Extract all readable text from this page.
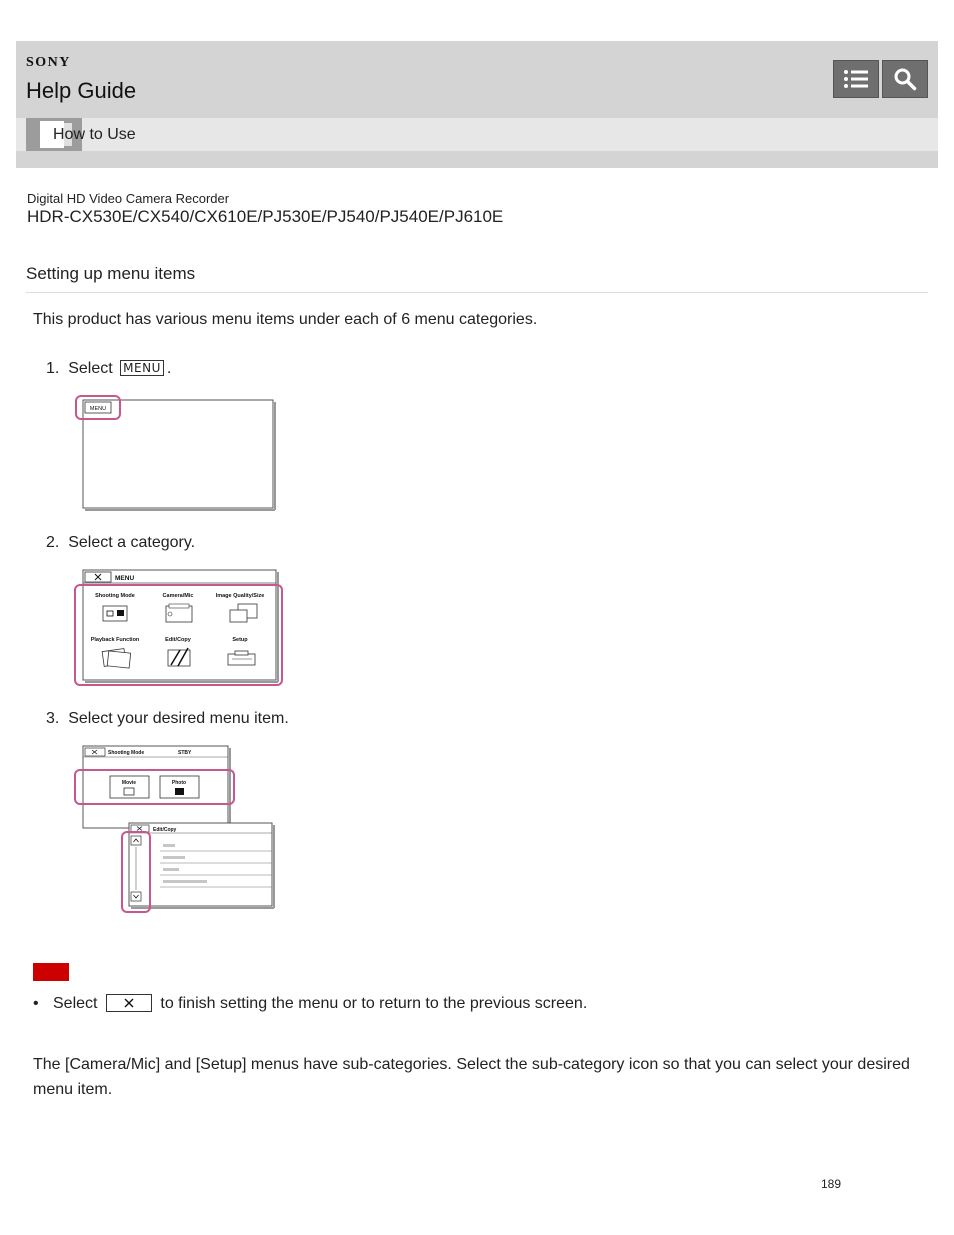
SONY
Help Guide
How to Use
Digital HD Video Camera Recorder
HDR-CX530E/CX540/CX610E/PJ530E/PJ540/PJ540E/PJ610E
Setting up menu items
This product has various menu items under each of 6 menu categories.
1. Select MENU .
MENU
2. Select a category.
MENU
Shooting Mode	Camera/Mic	Image Quality/Size
Playback Function	Edit/Copy	Setup
3. Select your desired menu item.
Shooting Mode	STBY
Movie	Photo
Edit/Copy
• Select	to finish setting the menu or to return to the previous screen.
The [Camera/Mic] and [Setup] menus have sub-categories. Select the sub-category icon so that you can select your desired menu item.
189
